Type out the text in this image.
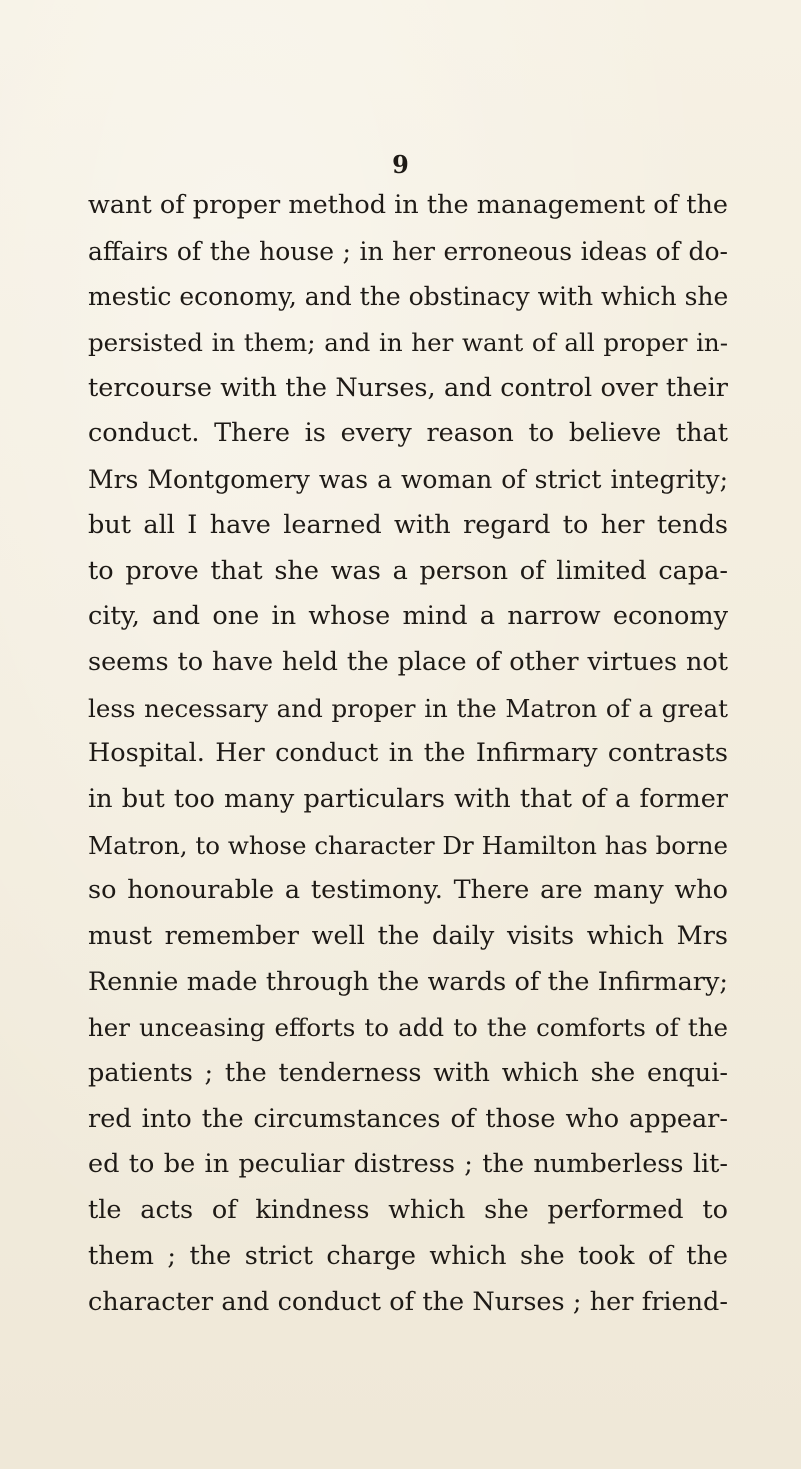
9
want of proper method in the management of the
affairs of the house ; in her erroneous ideas of do-
mestic economy, and the obstinacy with which she
persisted in them; and in her want of all proper in-
tercourse with the Nurses, and control over their
conduct. There is every reason to believe that
Mrs Montgomery was a woman of strict integrity;
but all I have learned with regard to her tends
to prove that she was a person of limited capa-
city, and one in whose mind a narrow economy
seems to have held the place of other virtues not
less necessary and proper in the Matron of a great
Hospital. Her conduct in the Infirmary contrasts
in but too many particulars with that of a former
Matron, to whose character Dr Hamilton has borne
so honourable a testimony. There are many who
must remember well the daily visits which Mrs
Rennie made through the wards of the Infirmary;
her unceasing efforts to add to the comforts of the
patients ; the tenderness with which she enqui-
red into the circumstances of those who appear-
ed to be in peculiar distress ; the numberless lit-
tle acts of kindness which she performed to
them ; the strict charge which she took of the
character and conduct of the Nurses ; her friend-
